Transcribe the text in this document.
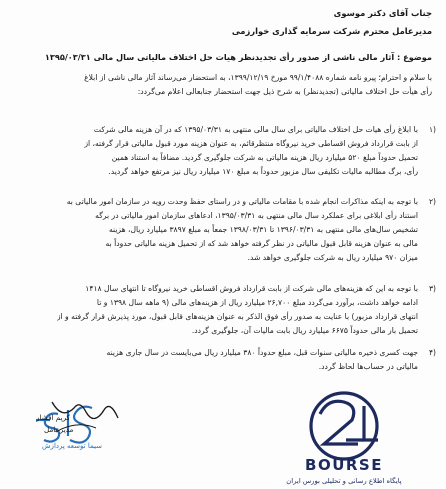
جناب آقای دکتر موسوی
مدیرعامل محترم شرکت سرمایه گذاری خوارزمی
موضوع : آثار مالی ناشی از صدور رأی تجدیدنظر هیات حل اختلاف مالیاتی سال مالی ۱۳۹۵/۰۳/۳۱
با سلام و احترام؛ پیرو نامه شماره ۹۹/۱/۴۰۸۸ مورخ ۱۳۹۹/۱۲/۱۹، به استحضار می‌رساند آثار مالی ناشی از ابلاغ
رأی هیأت حل اختلاف مالیاتی (تجدیدنظر) به شرح ذیل جهت استحضار جنابعالی اعلام می‌گردد:
۱)
با ابلاغ رأی هیات حل اختلاف مالیاتی برای سال مالی منتهی به ۱۳۹۵/۰۳/۳۱ که در آن هزینه مالی شرکت
از بابت قرارداد فروش اقساطی خرید نیروگاه منتظرقائم، به عنوان هزینه مورد قبول مالیاتی قرار گرفته، از
تحمیل حدوداً مبلغ ۵۲۰ میلیارد ریال هزینه مالیاتی به شرکت جلوگیری گردید. مضافاً به استناد همین
رأی، برگ مطالبه مالیات تکلیفی سال مزبور حدوداً به مبلغ ۱۷۰ میلیارد ریال نیز مرتفع خواهد گردید.
۲)
با توجه به اینکه مذاکرات انجام شده با مقامات مالیاتی و در راستای حفظ وحدت رویه در سازمان امور مالیاتی به
استناد رأی ابلاغی برای عملکرد سال مالی منتهی به ۱۳۹۵/۰۳/۳۱، ادعاهای سازمان امور مالیاتی در برگه
تشخیص سال‌های مالی منتهی به ۱۳۹۶/۰۳/۳۱ تا ۱۳۹۸/۰۳/۳۱ جمعاً به مبلغ ۳۸۹۷ میلیارد ریال، هزینه
مالی به عنوان هزینه قابل قبول مالیاتی در نظر گرفته خواهد شد که از تحمیل هزینه مالیاتی حدوداً به
میزان ۹۷۰ میلیارد ریال به شرکت جلوگیری خواهد شد.
۳)
با توجه به این که هزینه‌های مالی شرکت از بابت قرارداد فروش اقساطی خرید نیروگاه تا انتهای سال ۱۴۱۸
ادامه خواهد داشت، برآورد می‌گردد مبلغ ۲۶,۷۰۰ میلیارد ریال از هزینه‌های مالی (۹ ماهه سال ۱۳۹۸ و تا
انتهای قرارداد مزبور) با عنایت به صدور رأی فوق الذکر به عنوان هزینه‌های قابل قبول، مورد پذیرش قرار گرفته و از
تحمیل بار مالی حدوداً ۶۶۷۵ میلیارد ریال بابت مالیات آن، جلوگیری گردد.
۴)
جهت کسری ذخیره مالیاتی سنوات قبل، مبلغ حدوداً ۳۸۰ میلیارد ریال می‌بایست در سال جاری هزینه
مالیاتی در حساب‌ها لحاظ گردد.
سیما توسعه پردازش
کریم افشار
مدیرعامل
BOURSE
پایگاه اطلاع رسانی و تحلیلی بورس ایران
